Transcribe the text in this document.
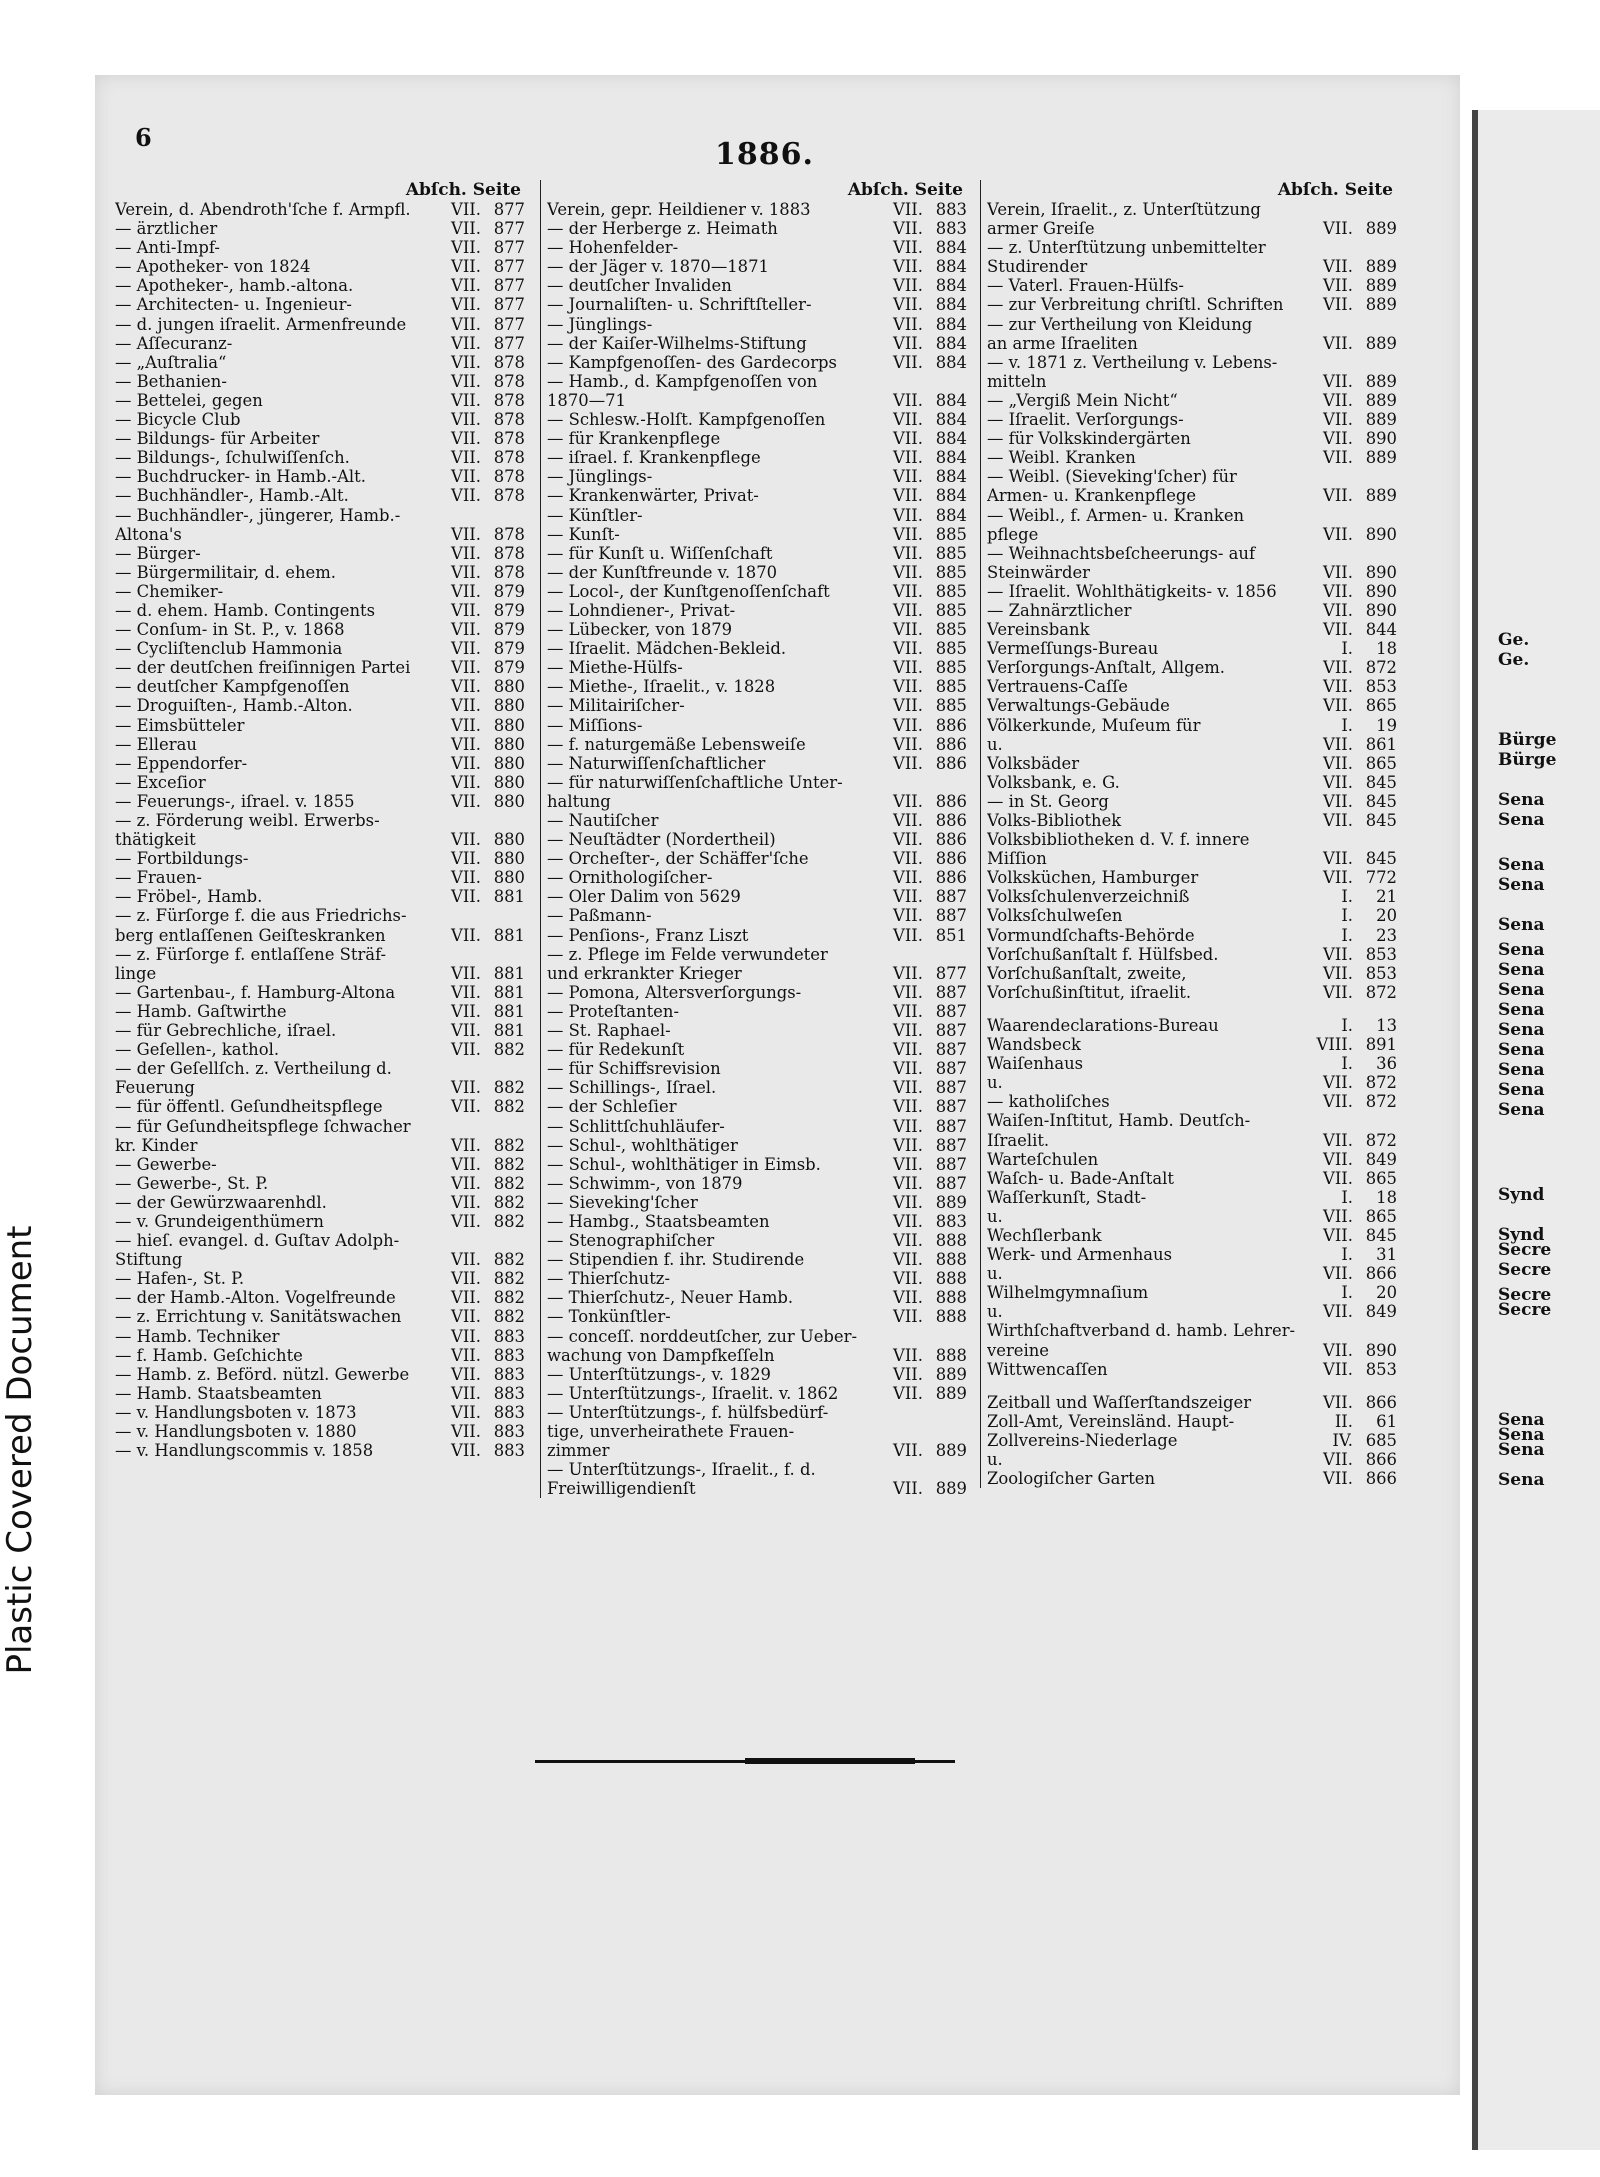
Plastic Covered Document
6	1886.
Abſch. Seite
Verein, d. Abendroth'ſche f. Armpfl.	VII. 877
— ärztlicher	VII. 877
— Anti-Impf-	VII. 877
— Apotheker- von 1824	VII. 877
— Apotheker-, hamb.-altona.	VII. 877
— Architecten- u. Ingenieur-	VII. 877
— d. jungen iſraelit. Armenfreunde	VII. 877
— Aſſecuranz-	VII. 877
— „Auſtralia“	VII. 878
— Bethanien-	VII. 878
— Bettelei, gegen	VII. 878
— Bicycle Club	VII. 878
— Bildungs- für Arbeiter	VII. 878
— Bildungs-, ſchulwiſſenſch.	VII. 878
— Buchdrucker- in Hamb.-Alt.	VII. 878
— Buchhändler-, Hamb.-Alt.	VII. 878
— Buchhändler-, jüngerer, Hamb.-
Altona's	VII. 878
— Bürger-	VII. 878
— Bürgermilitair, d. ehem.	VII. 878
— Chemiker-	VII. 879
— d. ehem. Hamb. Contingents	VII. 879
— Conſum- in St. P., v. 1868	VII. 879
— Cycliſtenclub Hammonia	VII. 879
— der deutſchen freiſinnigen Partei	VII. 879
— deutſcher Kampfgenoſſen	VII. 880
— Droguiſten-, Hamb.-Alton.	VII. 880
— Eimsbütteler	VII. 880
— Ellerau	VII. 880
— Eppendorfer-	VII. 880
— Exceſior	VII. 880
— Feuerungs-, iſrael. v. 1855	VII. 880
— z. Förderung weibl. Erwerbs-
thätigkeit	VII. 880
— Fortbildungs-	VII. 880
— Frauen-	VII. 880
— Fröbel-, Hamb.	VII. 881
— z. Fürſorge f. die aus Friedrichs-
berg entlaſſenen Geiſteskranken	VII. 881
— z. Fürſorge f. entlaſſene Sträf-
linge	VII. 881
— Gartenbau-, f. Hamburg-Altona	VII. 881
— Hamb. Gaſtwirthe	VII. 881
— für Gebrechliche, iſrael.	VII. 881
— Geſellen-, kathol.	VII. 882
— der Geſellſch. z. Vertheilung d.
Feuerung	VII. 882
— für öffentl. Geſundheitspflege	VII. 882
— für Geſundheitspflege ſchwacher
kr. Kinder	VII. 882
— Gewerbe-	VII. 882
— Gewerbe-, St. P.	VII. 882
— der Gewürzwaarenhdl.	VII. 882
— v. Grundeigenthümern	VII. 882
— hieſ. evangel. d. Guſtav Adolph-
Stiftung	VII. 882
— Hafen-, St. P.	VII. 882
— der Hamb.-Alton. Vogelfreunde	VII. 882
— z. Errichtung v. Sanitätswachen	VII. 882
— Hamb. Techniker	VII. 883
— f. Hamb. Geſchichte	VII. 883
— Hamb. z. Beförd. nützl. Gewerbe	VII. 883
— Hamb. Staatsbeamten	VII. 883
— v. Handlungsboten v. 1873	VII. 883
— v. Handlungsboten v. 1880	VII. 883
— v. Handlungscommis v. 1858	VII. 883
Abſch. Seite
Verein, gepr. Heildiener v. 1883	VII. 883
— der Herberge z. Heimath	VII. 883
— Hohenfelder-	VII. 884
— der Jäger v. 1870—1871	VII. 884
— deutſcher Invaliden	VII. 884
— Journaliſten- u. Schriftſteller-	VII. 884
— Jünglings-	VII. 884
— der Kaiſer-Wilhelms-Stiftung	VII. 884
— Kampfgenoſſen- des Gardecorps	VII. 884
— Hamb., d. Kampfgenoſſen von
1870—71	VII. 884
— Schlesw.-Holſt. Kampfgenoſſen	VII. 884
— für Krankenpflege	VII. 884
— iſrael. f. Krankenpflege	VII. 884
— Jünglings-	VII. 884
— Krankenwärter, Privat-	VII. 884
— Künſtler-	VII. 884
— Kunſt-	VII. 885
— für Kunſt u. Wiſſenſchaft	VII. 885
— der Kunſtfreunde v. 1870	VII. 885
— Locol-, der Kunſtgenoſſenſchaft	VII. 885
— Lohndiener-, Privat-	VII. 885
— Lübecker, von 1879	VII. 885
— Iſraelit. Mädchen-Bekleid.	VII. 885
— Miethe-Hülfs-	VII. 885
— Miethe-, Iſraelit., v. 1828	VII. 885
— Militairiſcher-	VII. 885
— Miſſions-	VII. 886
— f. naturgemäße Lebensweiſe	VII. 886
— Naturwiſſenſchaftlicher	VII. 886
— für naturwiſſenſchaftliche Unter-
haltung	VII. 886
— Nautiſcher	VII. 886
— Neuſtädter (Nordertheil)	VII. 886
— Orcheſter-, der Schäffer'ſche	VII. 886
— Ornithologiſcher-	VII. 886
— Oler Dalim von 5629	VII. 887
— Paßmann-	VII. 887
— Penſions-, Franz Liszt	VII. 851
— z. Pflege im Felde verwundeter
und erkrankter Krieger	VII. 877
— Pomona, Altersverſorgungs-	VII. 887
— Proteſtanten-	VII. 887
— St. Raphael-	VII. 887
— für Redekunſt	VII. 887
— für Schiffsrevision	VII. 887
— Schillings-, Iſrael.	VII. 887
— der Schleſier	VII. 887
— Schlittſchuhläufer-	VII. 887
— Schul-, wohlthätiger	VII. 887
— Schul-, wohlthätiger in Eimsb.	VII. 887
— Schwimm-, von 1879	VII. 887
— Sieveking'ſcher	VII. 889
— Hambg., Staatsbeamten	VII. 883
— Stenographiſcher	VII. 888
— Stipendien f. ihr. Studirende	VII. 888
— Thierſchutz-	VII. 888
— Thierſchutz-, Neuer Hamb.	VII. 888
— Tonkünſtler-	VII. 888
— conceſſ. norddeutſcher, zur Ueber-
wachung von Dampfkeſſeln	VII. 888
— Unterſtützungs-, v. 1829	VII. 889
— Unterſtützungs-, Iſraelit. v. 1862	VII. 889
— Unterſtützungs-, f. hülfsbedürf-
tige, unverheirathete Frauen-
zimmer	VII. 889
— Unterſtützungs-, Iſraelit., f. d.
Freiwilligendienſt	VII. 889
Abſch. Seite
Verein, Iſraelit., z. Unterſtützung
armer Greiſe	VII. 889
— z. Unterſtützung unbemittelter
Studirender	VII. 889
— Vaterl. Frauen-Hülfs-	VII. 889
— zur Verbreitung chriſtl. Schriften	VII. 889
— zur Vertheilung von Kleidung
an arme Iſraeliten	VII. 889
— v. 1871 z. Vertheilung v. Lebens-
mitteln	VII. 889
— „Vergiß Mein Nicht“	VII. 889
— Iſraelit. Verſorgungs-	VII. 889
— für Volkskindergärten	VII. 890
— Weibl. Kranken	VII. 889
— Weibl. (Sieveking'ſcher) für
Armen- u. Krankenpflege	VII. 889
— Weibl., f. Armen- u. Kranken
pflege	VII. 890
— Weihnachtsbeſcheerungs- auf
Steinwärder	VII. 890
— Iſraelit. Wohlthätigkeits- v. 1856	VII. 890
— Zahnärztlicher	VII. 890
Vereinsbank	VII. 844
Vermeſſungs-Bureau	I.	18
Verſorgungs-Anſtalt, Allgem.	VII. 872
Vertrauens-Caſſe	VII. 853
Verwaltungs-Gebäude	VII. 865
Völkerkunde, Muſeum für	I.	19
u.	VII. 861
Volksbäder	VII. 865
Volksbank, e. G.	VII. 845
— in St. Georg	VII. 845
Volks-Bibliothek	VII. 845
Volksbibliotheken d. V. f. innere
Miſſion	VII. 845
Volksküchen, Hamburger	VII. 772
Volksſchulenverzeichniß	I.	21
Volksſchulweſen	I.	20
Vormundſchafts-Behörde	I.	23
Vorſchußanſtalt f. Hülfsbed.	VII. 853
Vorſchußanſtalt, zweite,	VII. 853
Vorſchußinſtitut, iſraelit.	VII. 872
Waarendeclarations-Bureau	I.	13
Wandsbeck	VIII. 891
Waiſenhaus	I.	36
u.	VII. 872
— katholiſches	VII. 872
Waiſen-Inſtitut, Hamb. Deutſch-
Iſraelit.	VII. 872
Warteſchulen	VII. 849
Waſch- u. Bade-Anſtalt	VII. 865
Waſſerkunſt, Stadt-	I.	18
u.	VII. 865
Wechſlerbank	VII. 845
Werk- und Armenhaus	I.	31
u.	VII. 866
Wilhelmgymnaſium	I.	20
u.	VII. 849
Wirthſchaftverband d. hamb. Lehrer-
vereine	VII. 890
Wittwencaſſen	VII. 853
Zeitball und Waſſerſtandszeiger	VII. 866
Zoll-Amt, Vereinsländ. Haupt-	II.	61
Zollvereins-Niederlage	IV. 685
u.	VII. 866
Zoologiſcher Garten	VII. 866
Ge.
Ge.
Bürge
Bürge
Sena
Sena
Sena
Sena
Sena
Sena
Sena
Sena
Sena
Sena
Sena
Sena
Sena
Sena
Synd
Synd
Secre
Secre
Secre
Secre
Sena
Sena
Sena
Sena
